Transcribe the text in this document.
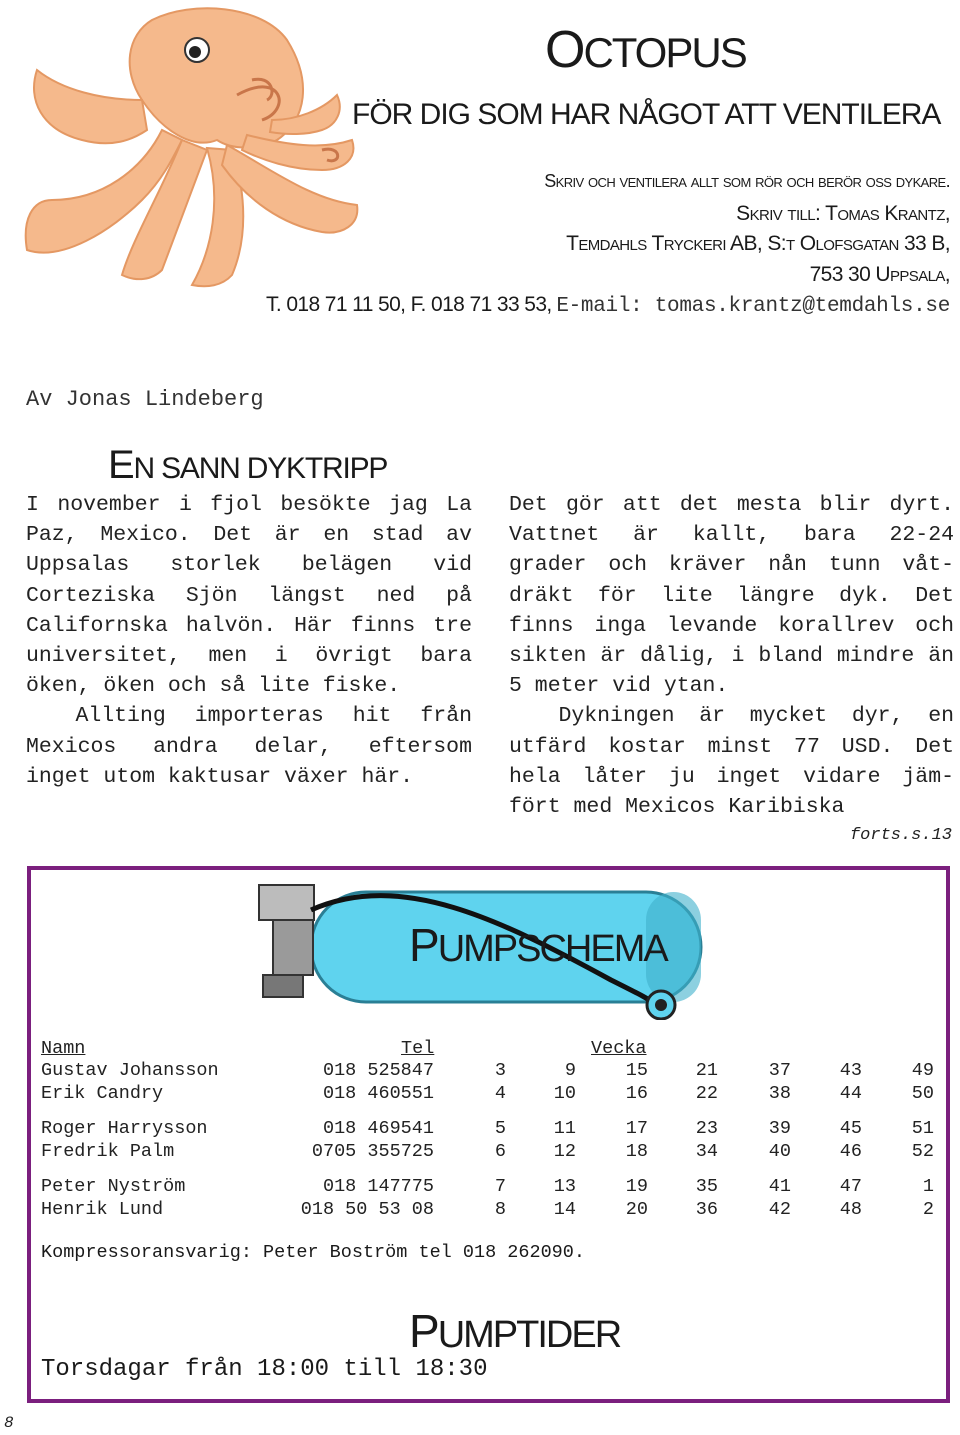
OCTOPUS
FÖR DIG SOM HAR NÅGOT ATT VENTILERA
Skriv och ventilera allt som rör och berör oss dykare.
Skriv till: Tomas Krantz,
Temdahls Tryckeri AB, S:t Olofsgatan 33 B,
753 30 Uppsala,
T. 018 71 11 50, F. 018 71 33 53, E-mail: tomas.krantz@temdahls.se
Av Jonas Lindeberg
EN SANN DYKTRIPP

I november i fjol besökte jag La Paz, Mexico. Det är en stad av Uppsalas storlek belägen vid Corteziska Sjön längst ned på Californska halvön. Här finns tre universitet, men i övrigt bara öken, öken och så lite fiske.

Allting importeras hit från Mexicos andra delar, eftersom inget utom kaktusar växer här.

Det gör att det mesta blir dyrt. Vattnet är kallt, bara 22-24 grader och kräver nån tunn våt-dräkt för lite längre dyk. Det finns inga levande korallrev och sikten är dålig, i bland mindre än 5 meter vid ytan.

Dykningen är mycket dyr, en utfärd kostar minst 77 USD. Det hela låter ju inget vidare jäm-fört med Mexicos Karibiska

forts.s.13
PUMPSCHEMA
Namn	Tel	Vecka
Gustav Johansson	018 525847	3	9	15	21	37	43	49
Erik Candry	018 460551	4	10	16	22	38	44	50
Roger Harrysson	018 469541	5	11	17	23	39	45	51
Fredrik Palm	0705 355725	6	12	18	34	40	46	52
Peter Nyström	018 147775	7	13	19	35	41	47	1
Henrik Lund	018 50 53 08	8	14	20	36	42	48	2
Kompressoransvarig: Peter Boström tel 018 262090.
PUMPTIDER
Torsdagar från 18:00 till 18:30
8
